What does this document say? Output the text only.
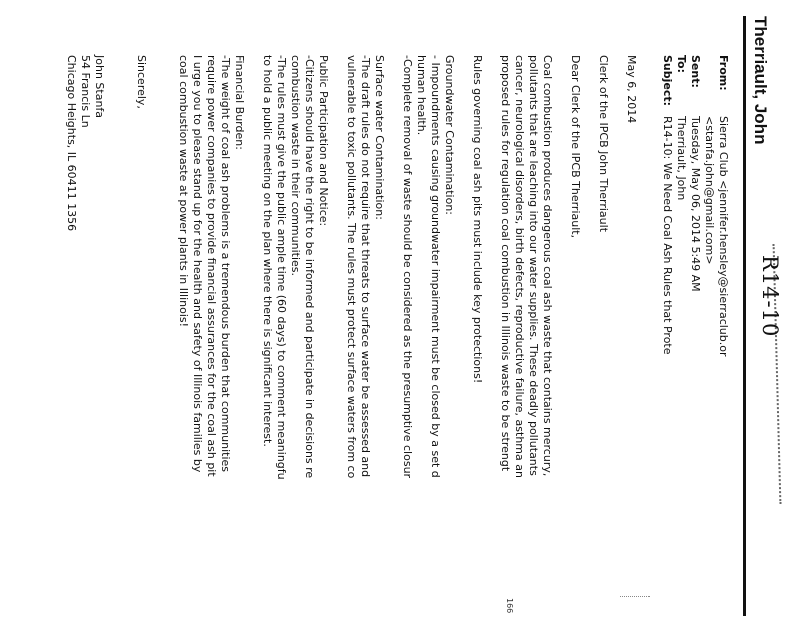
R14-10
Therriault, John
From:
Sierra Club <jennifer.hensley@sierraclub.or
<stanfa.john@gmail.com>
Sent:
Tuesday, May 06, 2014 5:49 AM
To:
Therriault, John
Subject:
R14-10: We Need Coal Ash Rules that Prote
May 6, 2014
Clerk of the IPCB John Therriault
Dear Clerk of the IPCB Therriault,
Coal combustion produces dangerous coal ash waste that contains mercury,
pollutants that are leaching into our water supplies. These deadly pollutants
cancer, neurological disorders, birth defects, reproductive failure, asthma an
proposed rules for regulation coal combustion in Illinois waste to be strengt
Rules governing coal ash pits must include key protections!
Groundwater Contamination:
- Impoundments causing groundwater impairment must be closed by a set d
human health.
-Complete removal of waste should be considered as the presumptive closur
Surface water Contamination:
-The draft rules do not require that threats to surface water be assessed and
vulnerable to toxic pollutants. The rules must protect surface waters from co
Public Participation and Notice:
-Citizens should have the right to be informed and participate in decisions re
combustion waste in their communities.
-The rules must give the public ample time (60 days) to comment meaningfu
to hold a public meeting on the plan where there is significant interest.
Financial Burden:
-The weight of coal ash problems is a tremendous burden that communities
require power companies to provide financial assurances for the coal ash pit
I urge you to please stand up for the health and safety of Illinois families by
coal combustion waste at power plants in Illinois!
Sincerely,
John Stanfa
54 Francis Ln
Chicago Heights, IL 60411 1356
166
